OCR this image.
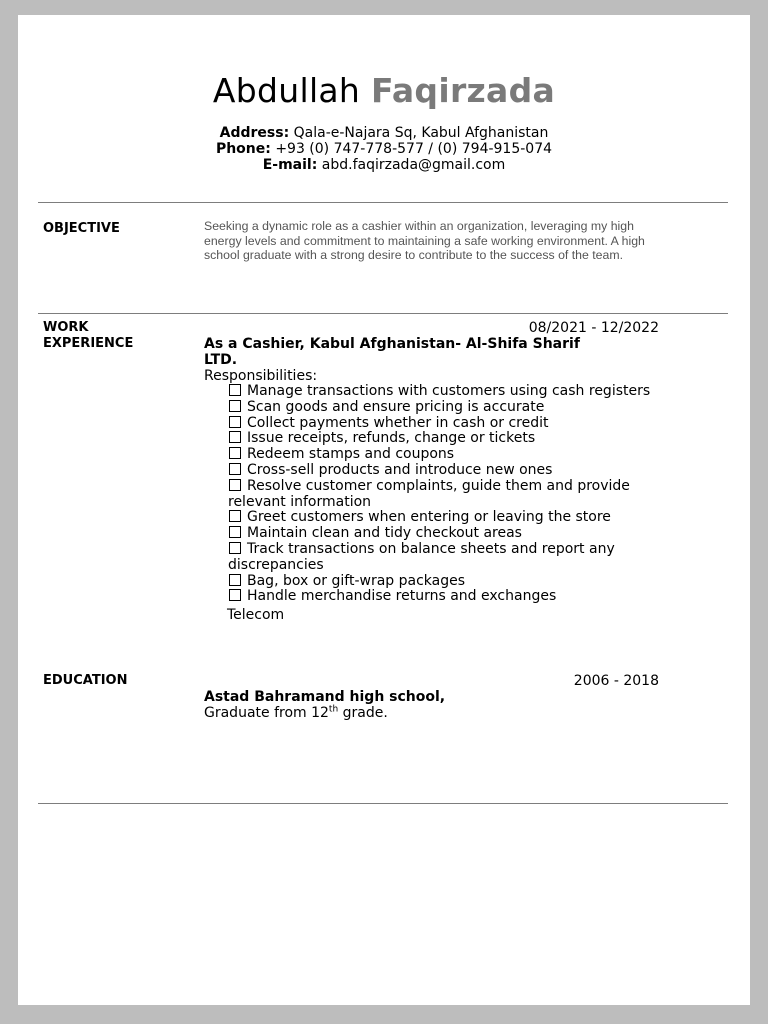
Abdullah Faqirzada
Address: Qala-e-Najara Sq, Kabul Afghanistan
Phone: +93 (0) 747-778-577 / (0) 794-915-074
E-mail: abd.faqirzada@gmail.com
OBJECTIVE	Seeking a dynamic role as a cashier within an organization, leveraging my high energy levels and commitment to maintaining a safe working environment. A high school graduate with a strong desire to contribute to the success of the team.
WORK
EXPERIENCE
08/2021 - 12/2022
As a Cashier, Kabul Afghanistan- Al-Shifa Sharif LTD.
Responsibilities:
Manage transactions with customers using cash registers
Scan goods and ensure pricing is accurate
Collect payments whether in cash or credit
Issue receipts, refunds, change or tickets
Redeem stamps and coupons
Cross-sell products and introduce new ones
Resolve customer complaints, guide them and provide relevant information
Greet customers when entering or leaving the store
Maintain clean and tidy checkout areas
Track transactions on balance sheets and report any discrepancies
Bag, box or gift-wrap packages
Handle merchandise returns and exchanges
Telecom
EDUCATION	2006 - 2018
Astad Bahramand high school,
Graduate from 12th grade.
